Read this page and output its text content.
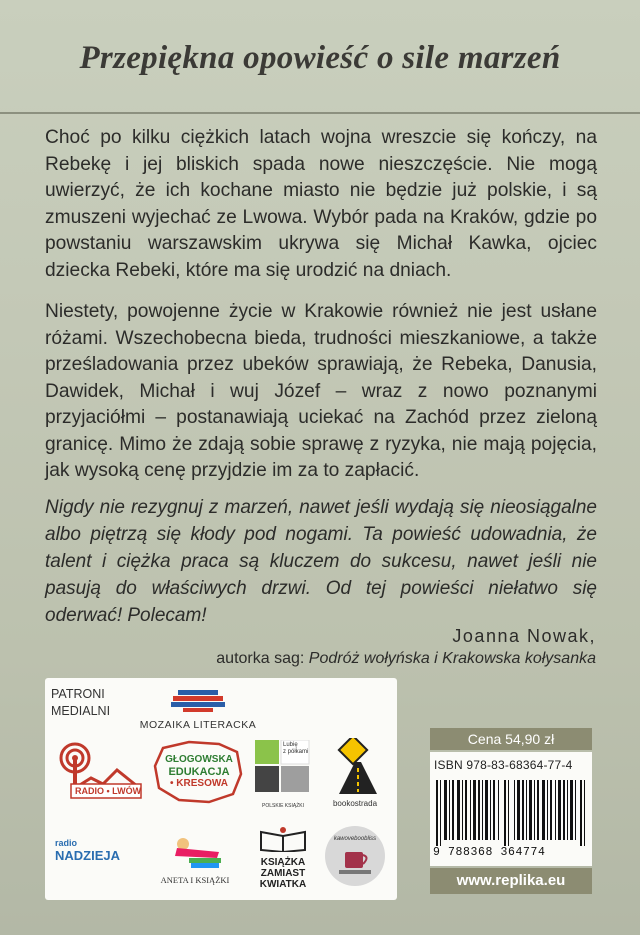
Przepiękna opowieść o sile marzeń

Choć po kilku ciężkich latach wojna wreszcie się kończy, na Rebekę i jej bliskich spada nowe nieszczęście. Nie mogą uwierzyć, że ich kochane miasto nie będzie już polskie, i są zmuszeni wyjechać ze Lwowa. Wybór pada na Kraków, gdzie po powstaniu warszawskim ukrywa się Michał Kawka, ojciec dziecka Rebeki, które ma się urodzić na dniach.

Niestety, powojenne życie w Krakowie również nie jest usłane różami. Wszechobecna bieda, trudności mieszkaniowe, a także prześladowania przez ubeków sprawiają, że Rebeka, Danusia, Dawidek, Michał i wuj Józef – wraz z nowo poznanymi przyjaciółmi – postanawiają uciekać na Zachód przez zieloną granicę. Mimo że zdają sobie sprawę z ryzyka, nie mają pojęcia, jak wysoką cenę przyjdzie im za to zapłacić.

Nigdy nie rezygnuj z marzeń, nawet jeśli wydają się nieosiągalne albo piętrzą się kłody pod nogami. Ta powieść udowadnia, że talent i ciężka praca są kluczem do sukcesu, nawet jeśli nie pasują do właściwych drzwi. Od tej powieści niełatwo się oderwać! Polecam!
Joanna Nowak,
autorka sag: Podróż wołyńska i Krakowska kołysanka
PATRONI
MEDIALNI
MOZAIKA LITERACKA
RADIO • LWÓW
GŁOGOWSKA
EDUKACJA
• KRESOWA
Lubię
z półkami
POLSKIE KSIĄŻKI	bookostrada
radio
NADZIEJA
ANETA I KSIĄŻKI
KSIĄŻKA
ZAMIAST
KWIATKA
kawoveboobliss
Cena 54,90 zł
ISBN 978-83-68364-77-4
9 788368 364774
www.replika.eu
